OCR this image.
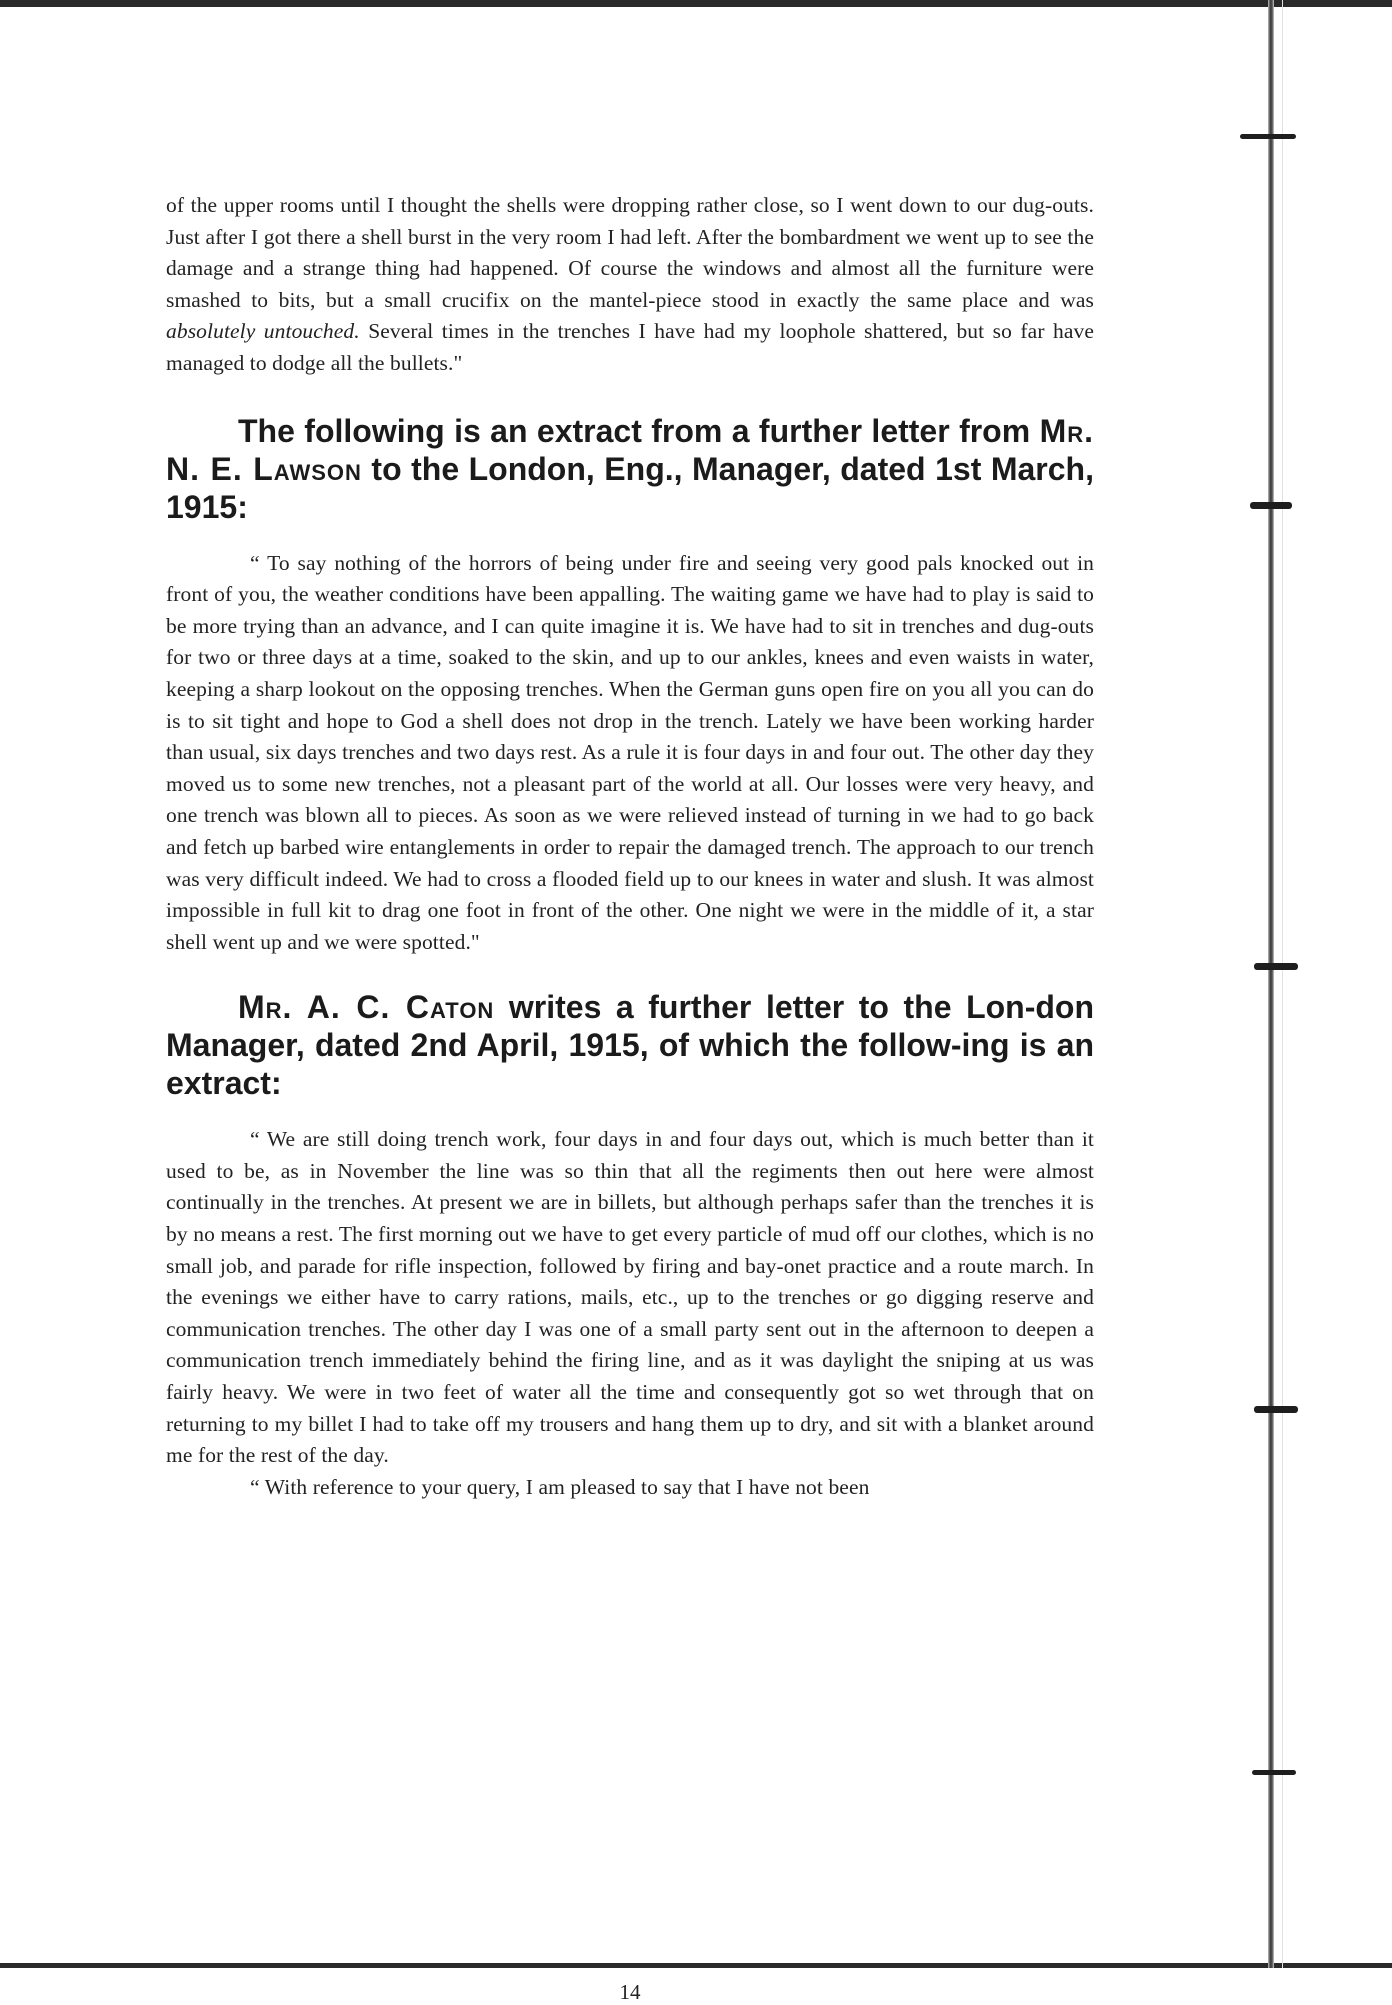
of the upper rooms until I thought the shells were dropping rather close, so I went down to our dug-outs. Just after I got there a shell burst in the very room I had left. After the bombardment we went up to see the damage and a strange thing had happened. Of course the windows and almost all the furniture were smashed to bits, but a small crucifix on the mantel-piece stood in exactly the same place and was absolutely untouched. Several times in the trenches I have had my loophole shattered, but so far have managed to dodge all the bullets."

The following is an extract from a further letter from Mr. N. E. Lawson to the London, Eng., Manager, dated 1st March, 1915:

“ To say nothing of the horrors of being under fire and seeing very good pals knocked out in front of you, the weather conditions have been appalling. The waiting game we have had to play is said to be more trying than an advance, and I can quite imagine it is. We have had to sit in trenches and dug-outs for two or three days at a time, soaked to the skin, and up to our ankles, knees and even waists in water, keeping a sharp lookout on the opposing trenches. When the German guns open fire on you all you can do is to sit tight and hope to God a shell does not drop in the trench. Lately we have been working harder than usual, six days trenches and two days rest. As a rule it is four days in and four out. The other day they moved us to some new trenches, not a pleasant part of the world at all. Our losses were very heavy, and one trench was blown all to pieces. As soon as we were relieved instead of turning in we had to go back and fetch up barbed wire entanglements in order to repair the damaged trench. The approach to our trench was very difficult indeed. We had to cross a flooded field up to our knees in water and slush. It was almost impossible in full kit to drag one foot in front of the other. One night we were in the middle of it, a star shell went up and we were spotted."

Mr. A. C. Caton writes a further letter to the Lon-don Manager, dated 2nd April, 1915, of which the follow-ing is an extract:

“ We are still doing trench work, four days in and four days out, which is much better than it used to be, as in November the line was so thin that all the regiments then out here were almost continually in the trenches. At present we are in billets, but although perhaps safer than the trenches it is by no means a rest. The first morning out we have to get every particle of mud off our clothes, which is no small job, and parade for rifle inspection, followed by firing and bay-onet practice and a route march. In the evenings we either have to carry rations, mails, etc., up to the trenches or go digging reserve and communication trenches. The other day I was one of a small party sent out in the afternoon to deepen a communication trench immediately behind the firing line, and as it was daylight the sniping at us was fairly heavy. We were in two feet of water all the time and consequently got so wet through that on returning to my billet I had to take off my trousers and hang them up to dry, and sit with a blanket around me for the rest of the day.

“ With reference to your query, I am pleased to say that I have not been

14
